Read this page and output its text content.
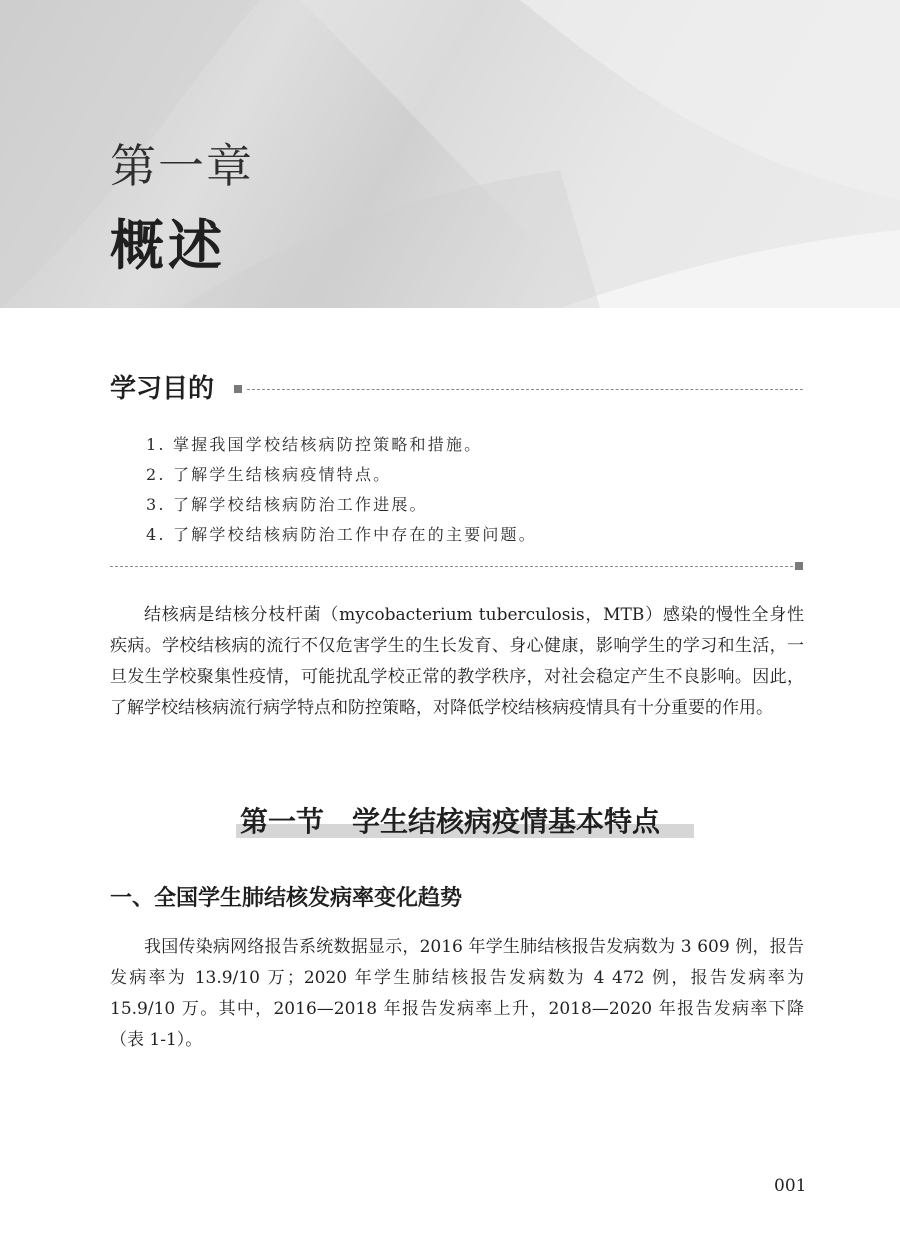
第一章
概述
学习目的
1. 掌握我国学校结核病防控策略和措施。
2. 了解学生结核病疫情特点。
3. 了解学校结核病防治工作进展。
4. 了解学校结核病防治工作中存在的主要问题。

结核病是结核分枝杆菌（mycobacterium tuberculosis，MTB）感染的慢性全身性疾病。学校结核病的流行不仅危害学生的生长发育、身心健康，影响学生的学习和生活，一旦发生学校聚集性疫情，可能扰乱学校正常的教学秩序，对社会稳定产生不良影响。因此，了解学校结核病流行病学特点和防控策略，对降低学校结核病疫情具有十分重要的作用。

第一节　学生结核病疫情基本特点
一、全国学生肺结核发病率变化趋势

我国传染病网络报告系统数据显示，2016 年学生肺结核报告发病数为 3 609 例，报告发病率为 13.9/10 万；2020 年学生肺结核报告发病数为 4 472 例，报告发病率为 15.9/10 万。其中，2016—2018 年报告发病率上升，2018—2020 年报告发病率下降（表 1-1）。

001
